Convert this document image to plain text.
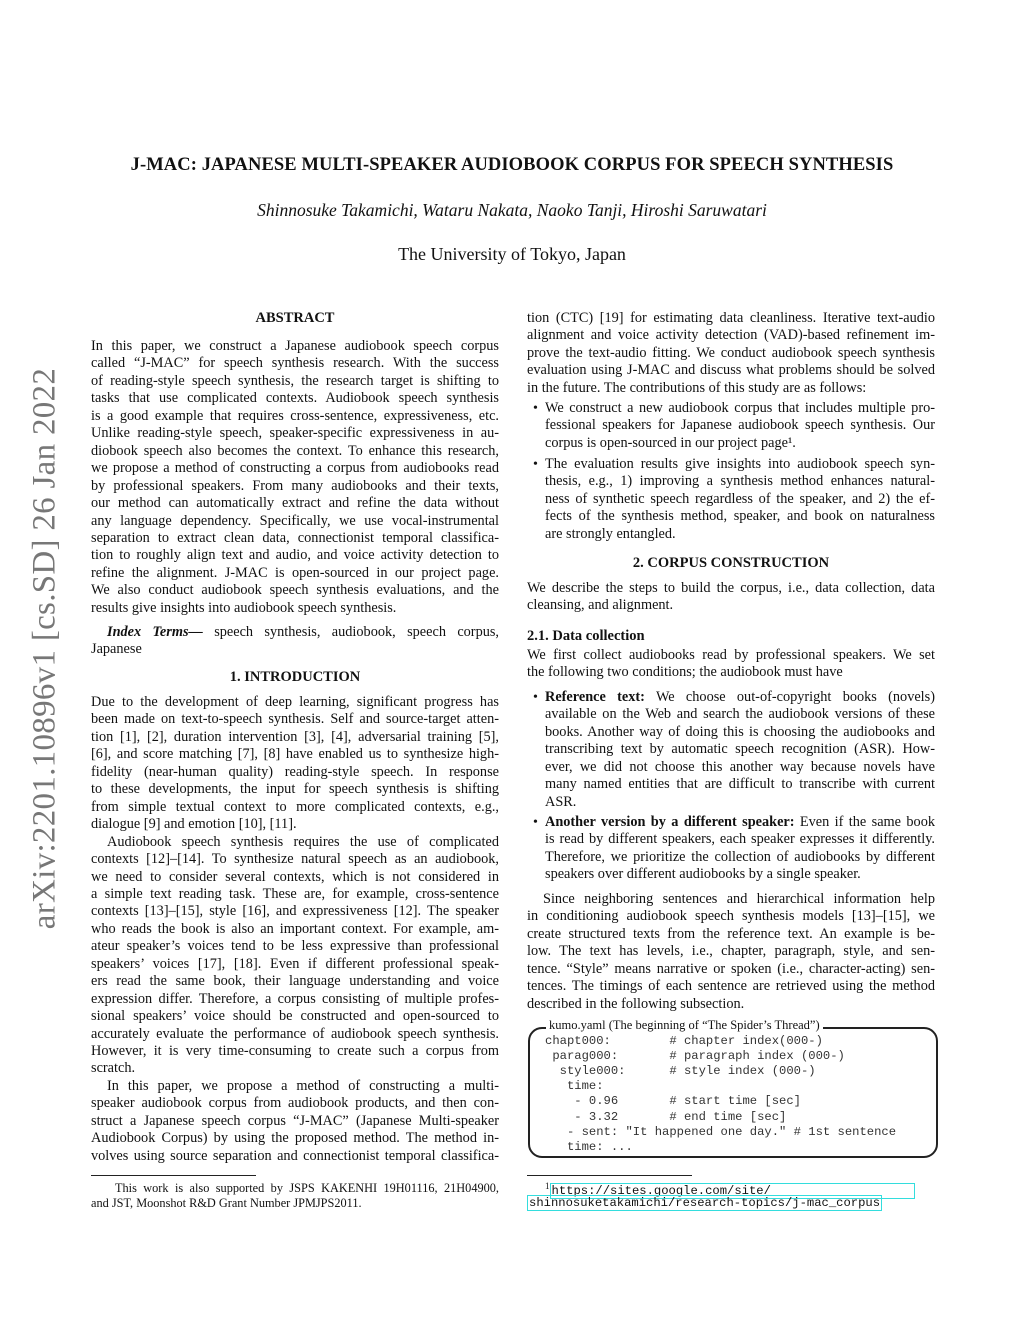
arXiv:2201.10896v1 [cs.SD] 26 Jan 2022
J-MAC: JAPANESE MULTI-SPEAKER AUDIOBOOK CORPUS FOR SPEECH SYNTHESIS
Shinnosuke Takamichi, Wataru Nakata, Naoko Tanji, Hiroshi Saruwatari
The University of Tokyo, Japan
ABSTRACT
1. INTRODUCTION
2. CORPUS CONSTRUCTION
2.1. Data collection
kumo.yaml (The beginning of “The Spider’s Thread”)
$^1$ https://sites.google.com/site/
shinnosuketakamichi/research-topics/j-mac_corpus
In this paper, we construct a Japanese audiobook speech corpus
called “J-MAC” for speech synthesis research. With the success
of reading-style speech synthesis, the research target is shifting to
tasks that use complicated contexts. Audiobook speech synthesis
is a good example that requires cross-sentence, expressiveness, etc.
Unlike reading-style speech, speaker-specific expressiveness in au-
diobook speech also becomes the context. To enhance this research,
we propose a method of constructing a corpus from audiobooks read
by professional speakers. From many audiobooks and their texts,
our method can automatically extract and refine the data without
any language dependency. Specifically, we use vocal-instrumental
separation to extract clean data, connectionist temporal classifica-
tion to roughly align text and audio, and voice activity detection to
refine the alignment. J-MAC is open-sourced in our project page.
We also conduct audiobook speech synthesis evaluations, and the
results give insights into audiobook speech synthesis.
Index Terms— speech synthesis, audiobook, speech corpus,
Japanese
Due to the development of deep learning, significant progress has
been made on text-to-speech synthesis. Self and source-target atten-
tion [1], [2], duration intervention [3], [4], adversarial training [5],
[6], and score matching [7], [8] have enabled us to synthesize high-
fidelity (near-human quality) reading-style speech. In response
to these developments, the input for speech synthesis is shifting
from simple textual context to more complicated contexts, e.g.,
dialogue [9] and emotion [10], [11].
Audiobook speech synthesis requires the use of complicated
contexts [12]–[14]. To synthesize natural speech as an audiobook,
we need to consider several contexts, which is not considered in
a simple text reading task. These are, for example, cross-sentence
contexts [13]–[15], style [16], and expressiveness [12]. The speaker
who reads the book is also an important context. For example, am-
ateur speaker’s voices tend to be less expressive than professional
speakers’ voices [17], [18]. Even if different professional speak-
ers read the same book, their language understanding and voice
expression differ. Therefore, a corpus consisting of multiple profes-
sional speakers’ voice should be constructed and open-sourced to
accurately evaluate the performance of audiobook speech synthesis.
However, it is very time-consuming to create such a corpus from
scratch.
In this paper, we propose a method of constructing a multi-
speaker audiobook corpus from audiobook products, and then con-
struct a Japanese speech corpus “J-MAC” (Japanese Multi-speaker
Audiobook Corpus) by using the proposed method. The method in-
volves using source separation and connectionist temporal classifica-
This work is also supported by JSPS KAKENHI 19H01116, 21H04900,
and JST, Moonshot R&D Grant Number JPMJPS2011.
tion (CTC) [19] for estimating data cleanliness. Iterative text-audio
alignment and voice activity detection (VAD)-based refinement im-
prove the text-audio fitting. We conduct audiobook speech synthesis
evaluation using J-MAC and discuss what problems should be solved
in the future. The contributions of this study are as follows:
• We construct a new audiobook corpus that includes multiple pro-
fessional speakers for Japanese audiobook speech synthesis. Our
corpus is open-sourced in our project page¹.
• The evaluation results give insights into audiobook speech syn-
thesis, e.g., 1) improving a synthesis method enhances natural-
ness of synthetic speech regardless of the speaker, and 2) the ef-
fects of the synthesis method, speaker, and book on naturalness
are strongly entangled.
We describe the steps to build the corpus, i.e., data collection, data
cleansing, and alignment.
We first collect audiobooks read by professional speakers. We set
the following two conditions; the audiobook must have
• Reference text: We choose out-of-copyright books (novels)
available on the Web and search the audiobook versions of these
books. Another way of doing this is choosing the audiobooks and
transcribing text by automatic speech recognition (ASR). How-
ever, we did not choose this another way because novels have
many named entities that are difficult to transcribe with current
ASR.
• Another version by a different speaker: Even if the same book
is read by different speakers, each speaker expresses it differently.
Therefore, we prioritize the collection of audiobooks by different
speakers over different audiobooks by a single speaker.
Since neighboring sentences and hierarchical information help
in conditioning audiobook speech synthesis models [13]–[15], we
create structured texts from the reference text. An example is be-
low. The text has levels, i.e., chapter, paragraph, style, and sen-
tence. “Style” means narrative or spoken (i.e., character-acting) sen-
tences. The timings of each sentence are retrieved using the method
described in the following subsection.
chapt000:        # chapter index(000-)
parag000:       # paragraph index (000-)
style000:      # style index (000-)
time:
- 0.96       # start time [sec]
- 3.32       # end time [sec]
- sent: "It happened one day." # 1st sentence
time: ...
